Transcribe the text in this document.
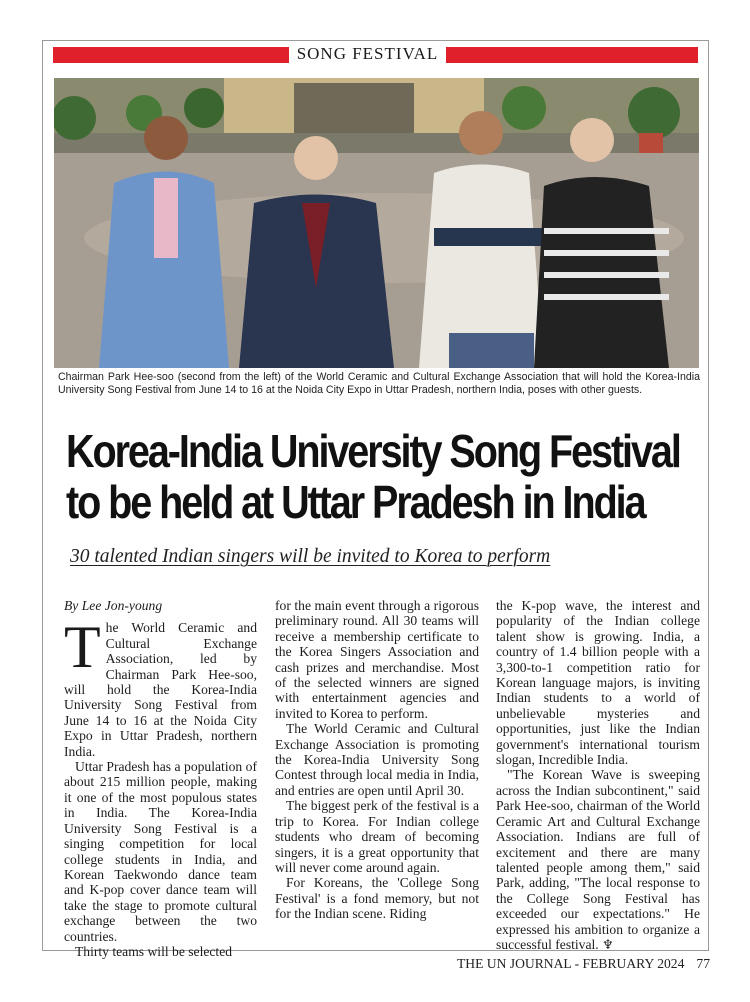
SONG FESTIVAL
Chairman Park Hee-soo (second from the left) of the World Ceramic and Cultural Exchange Association that will hold the Korea-India University Song Festival from June 14 to 16 at the Noida City Expo in Uttar Pradesh, northern India, poses with other guests.
Korea-India University Song Festival
to be held at Uttar Pradesh in India
30 talented Indian singers will be invited to Korea to perform
By Lee Jon-young

The World Ceramic and Cultural Exchange Association, led by Chairman Park Hee-soo, will hold the Korea-India University Song Festival from June 14 to 16 at the Noida City Expo in Uttar Pradesh, northern India.

Uttar Pradesh has a population of about 215 million people, making it one of the most populous states in India. The Korea-India University Song Festival is a singing competition for local college students in India, and Korean Taekwondo dance team and K-pop cover dance team will take the stage to promote cultural exchange between the two countries.

Thirty teams will be selected

for the main event through a rigorous preliminary round. All 30 teams will receive a membership certificate to the Korea Singers Association and cash prizes and merchandise. Most of the selected winners are signed with entertainment agencies and invited to Korea to perform.

The World Ceramic and Cultural Exchange Association is promoting the Korea-India University Song Contest through local media in India, and entries are open until April 30.

The biggest perk of the festival is a trip to Korea. For Indian college students who dream of becoming singers, it is a great opportunity that will never come around again.

For Koreans, the 'College Song Festival' is a fond memory, but not for the Indian scene. Riding

the K-pop wave, the interest and popularity of the Indian college talent show is growing. India, a country of 1.4 billion people with a 3,300-to-1 competition ratio for Korean language majors, is inviting Indian students to a world of unbelievable mysteries and opportunities, just like the Indian government's international tourism slogan, Incredible India.

"The Korean Wave is sweeping across the Indian subcontinent," said Park Hee-soo, chairman of the World Ceramic Art and Cultural Exchange Association. Indians are full of excitement and there are many talented people among them," said Park, adding, "The local response to the College Song Festival has exceeded our expectations." He expressed his ambition to organize a successful festival. ♆

THE UN JOURNAL - FEBRUARY 2024 77
